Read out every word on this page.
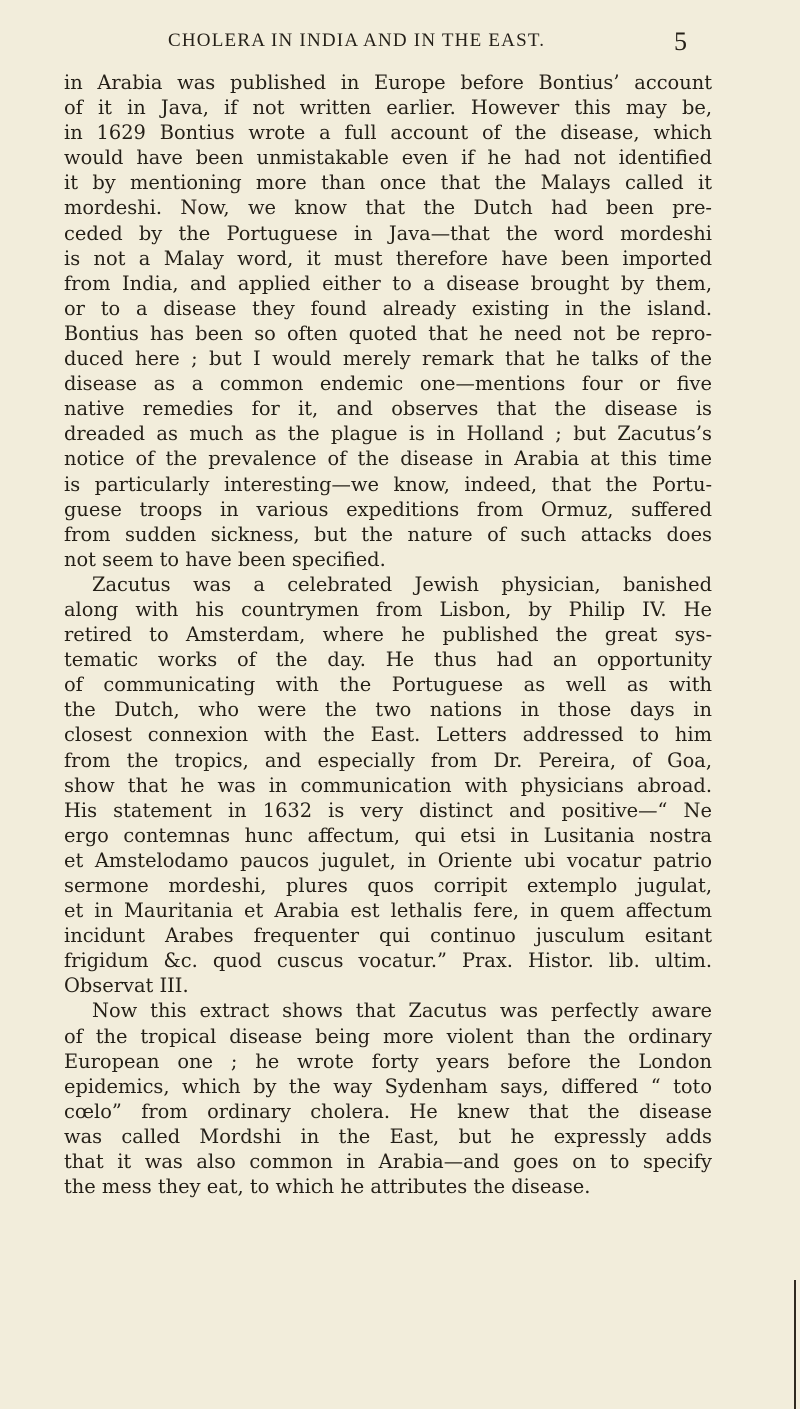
CHOLERA IN INDIA AND IN THE EAST.	5
in Arabia was published in Europe before Bontius’ account
of it in Java, if not written earlier. However this may be,
in 1629 Bontius wrote a full account of the disease, which
would have been unmistakable even if he had not identified
it by mentioning more than once that the Malays called it
mordeshi. Now, we know that the Dutch had been pre-
ceded by the Portuguese in Java—that the word mordeshi
is not a Malay word, it must therefore have been imported
from India, and applied either to a disease brought by them,
or to a disease they found already existing in the island.
Bontius has been so often quoted that he need not be repro-
duced here ; but I would merely remark that he talks of the
disease as a common endemic one—mentions four or five
native remedies for it, and observes that the disease is
dreaded as much as the plague is in Holland ; but Zacutus’s
notice of the prevalence of the disease in Arabia at this time
is particularly interesting—we know, indeed, that the Portu-
guese troops in various expeditions from Ormuz, suffered
from sudden sickness, but the nature of such attacks does
not seem to have been specified.
Zacutus was a celebrated Jewish physician, banished
along with his countrymen from Lisbon, by Philip IV. He
retired to Amsterdam, where he published the great sys-
tematic works of the day. He thus had an opportunity
of communicating with the Portuguese as well as with
the Dutch, who were the two nations in those days in
closest connexion with the East. Letters addressed to him
from the tropics, and especially from Dr. Pereira, of Goa,
show that he was in communication with physicians abroad.
His statement in 1632 is very distinct and positive—“ Ne
ergo contemnas hunc affectum, qui etsi in Lusitania nostra
et Amstelodamo paucos jugulet, in Oriente ubi vocatur patrio
sermone mordeshi, plures quos corripit extemplo jugulat,
et in Mauritania et Arabia est lethalis fere, in quem affectum
incidunt Arabes frequenter qui continuo jusculum esitant
frigidum &c. quod cuscus vocatur.” Prax. Histor. lib. ultim.
Observat III.
Now this extract shows that Zacutus was perfectly aware
of the tropical disease being more violent than the ordinary
European one ; he wrote forty years before the London
epidemics, which by the way Sydenham says, differed “ toto
cœlo” from ordinary cholera. He knew that the disease
was called Mordshi in the East, but he expressly adds
that it was also common in Arabia—and goes on to specify
the mess they eat, to which he attributes the disease.
